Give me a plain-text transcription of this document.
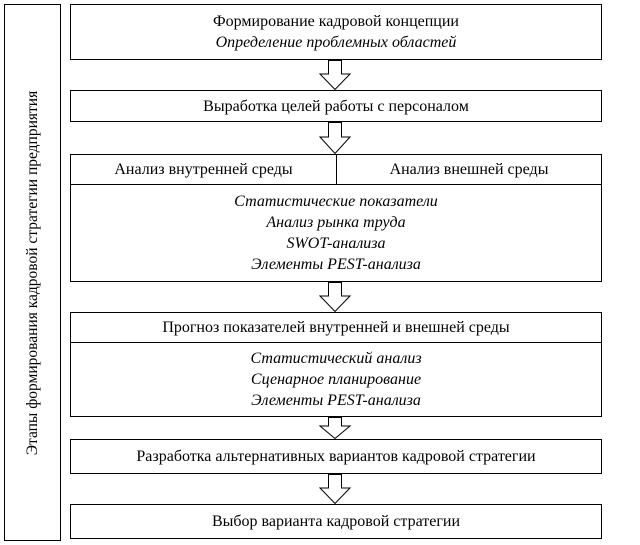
Этапы формирования кадровой стратегии предприятия
Формирование кадровой концепции
Определение проблемных областей
Выработка целей работы с персоналом
Анализ внутренней среды	Анализ внешней среды
Статистические показатели
Анализ рынка труда
SWOT-анализа
Элементы PEST-анализа
Прогноз показателей внутренней и внешней среды
Статистический анализ
Сценарное планирование
Элементы PEST-анализа
Разработка альтернативных вариантов кадровой стратегии
Выбор варианта кадровой стратегии
